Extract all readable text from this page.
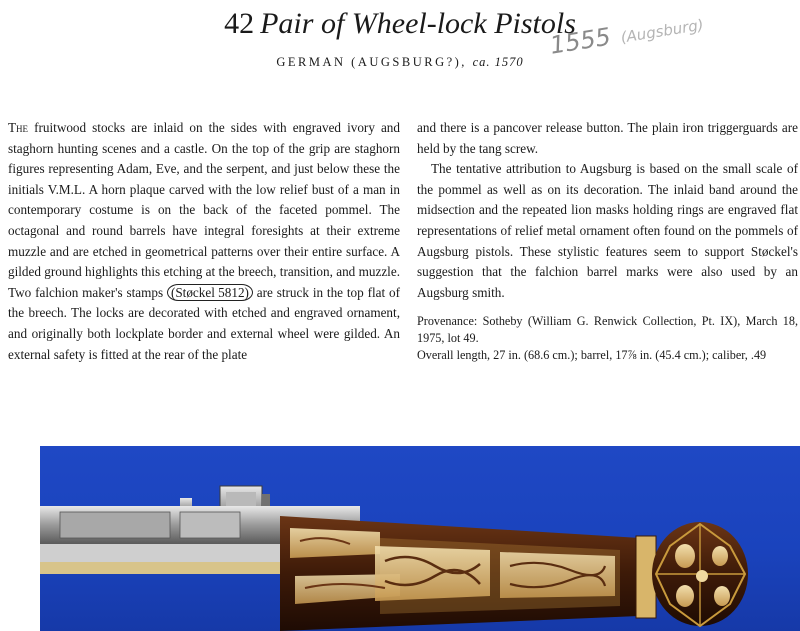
42 Pair of Wheel-lock Pistols
GERMAN (AUGSBURG?), ca. 1570
1555 (Augsburg)

The fruitwood stocks are inlaid on the sides with engraved ivory and staghorn hunting scenes and a castle. On the top of the grip are staghorn figures representing Adam, Eve, and the serpent, and just below these the initials V.M.L. A horn plaque carved with the low relief bust of a man in contemporary costume is on the back of the faceted pommel. The octagonal and round barrels have integral foresights at their extreme muzzle and are etched in geometrical patterns over their entire surface. A gilded ground highlights this etching at the breech, transition, and muzzle. Two falchion maker's stamps (Støckel 5812) are struck in the top flat of the breech. The locks are decorated with etched and engraved ornament, and originally both lockplate border and external wheel were gilded. An external safety is fitted at the rear of the plate

and there is a pancover release button. The plain iron triggerguards are held by the tang screw.

The tentative attribution to Augsburg is based on the small scale of the pommel as well as on its decoration. The inlaid band around the midsection and the repeated lion masks holding rings are engraved flat representations of relief metal ornament often found on the pommels of Augsburg pistols. These stylistic features seem to support Støckel's suggestion that the falchion barrel marks were also used by an Augsburg smith.

Provenance: Sotheby (William G. Renwick Collection, Pt. IX), March 18, 1975, lot 49.

Overall length, 27 in. (68.6 cm.); barrel, 17⅞ in. (45.4 cm.); caliber, .49
